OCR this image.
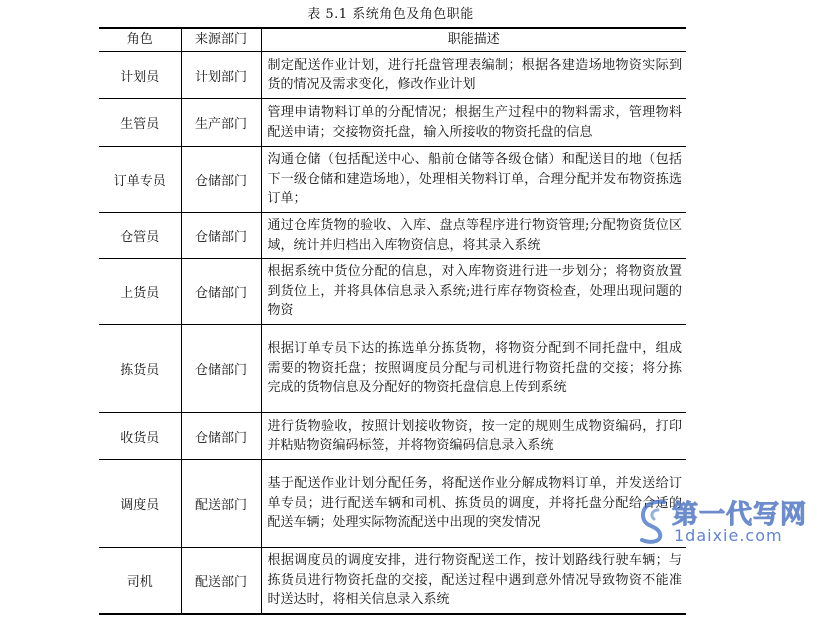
表 5.1 系统角色及角色职能
角色	来源部门	职能描述
计划员	计划部门	制定配送作业计划，进行托盘管理表编制；根据各建造场地物资实际到货的情况及需求变化，修改作业计划
生管员	生产部门	管理申请物料订单的分配情况；根据生产过程中的物料需求，管理物料配送申请；交接物资托盘，输入所接收的物资托盘的信息
订单专员	仓储部门	沟通仓储（包括配送中心、船前仓储等各级仓储）和配送目的地（包括下一级仓储和建造场地），处理相关物料订单，合理分配并发布物资拣选订单；
仓管员	仓储部门	通过仓库货物的验收、入库、盘点等程序进行物资管理;分配物资货位区域，统计并归档出入库物资信息，将其录入系统
上货员	仓储部门	根据系统中货位分配的信息，对入库物资进行进一步划分；将物资放置到货位上，并将具体信息录入系统;进行库存物资检查，处理出现问题的物资
拣货员	仓储部门	根据订单专员下达的拣选单分拣货物，将物资分配到不同托盘中，组成需要的物资托盘；按照调度员分配与司机进行物资托盘的交接；将分拣完成的货物信息及分配好的物资托盘信息上传到系统
收货员	仓储部门	进行货物验收，按照计划接收物资，按一定的规则生成物资编码，打印并粘贴物资编码标签，并将物资编码信息录入系统
调度员	配送部门	基于配送作业计划分配任务，将配送作业分解成物料订单，并发送给订单专员；进行配送车辆和司机、拣货员的调度，并将托盘分配给合适的配送车辆；处理实际物流配送中出现的突发情况
司机	配送部门	根据调度员的调度安排，进行物资配送工作，按计划路线行驶车辆；与拣货员进行物资托盘的交接，配送过程中遇到意外情况导致物资不能准时送达时，将相关信息录入系统
第一代写网
1daixie.com
